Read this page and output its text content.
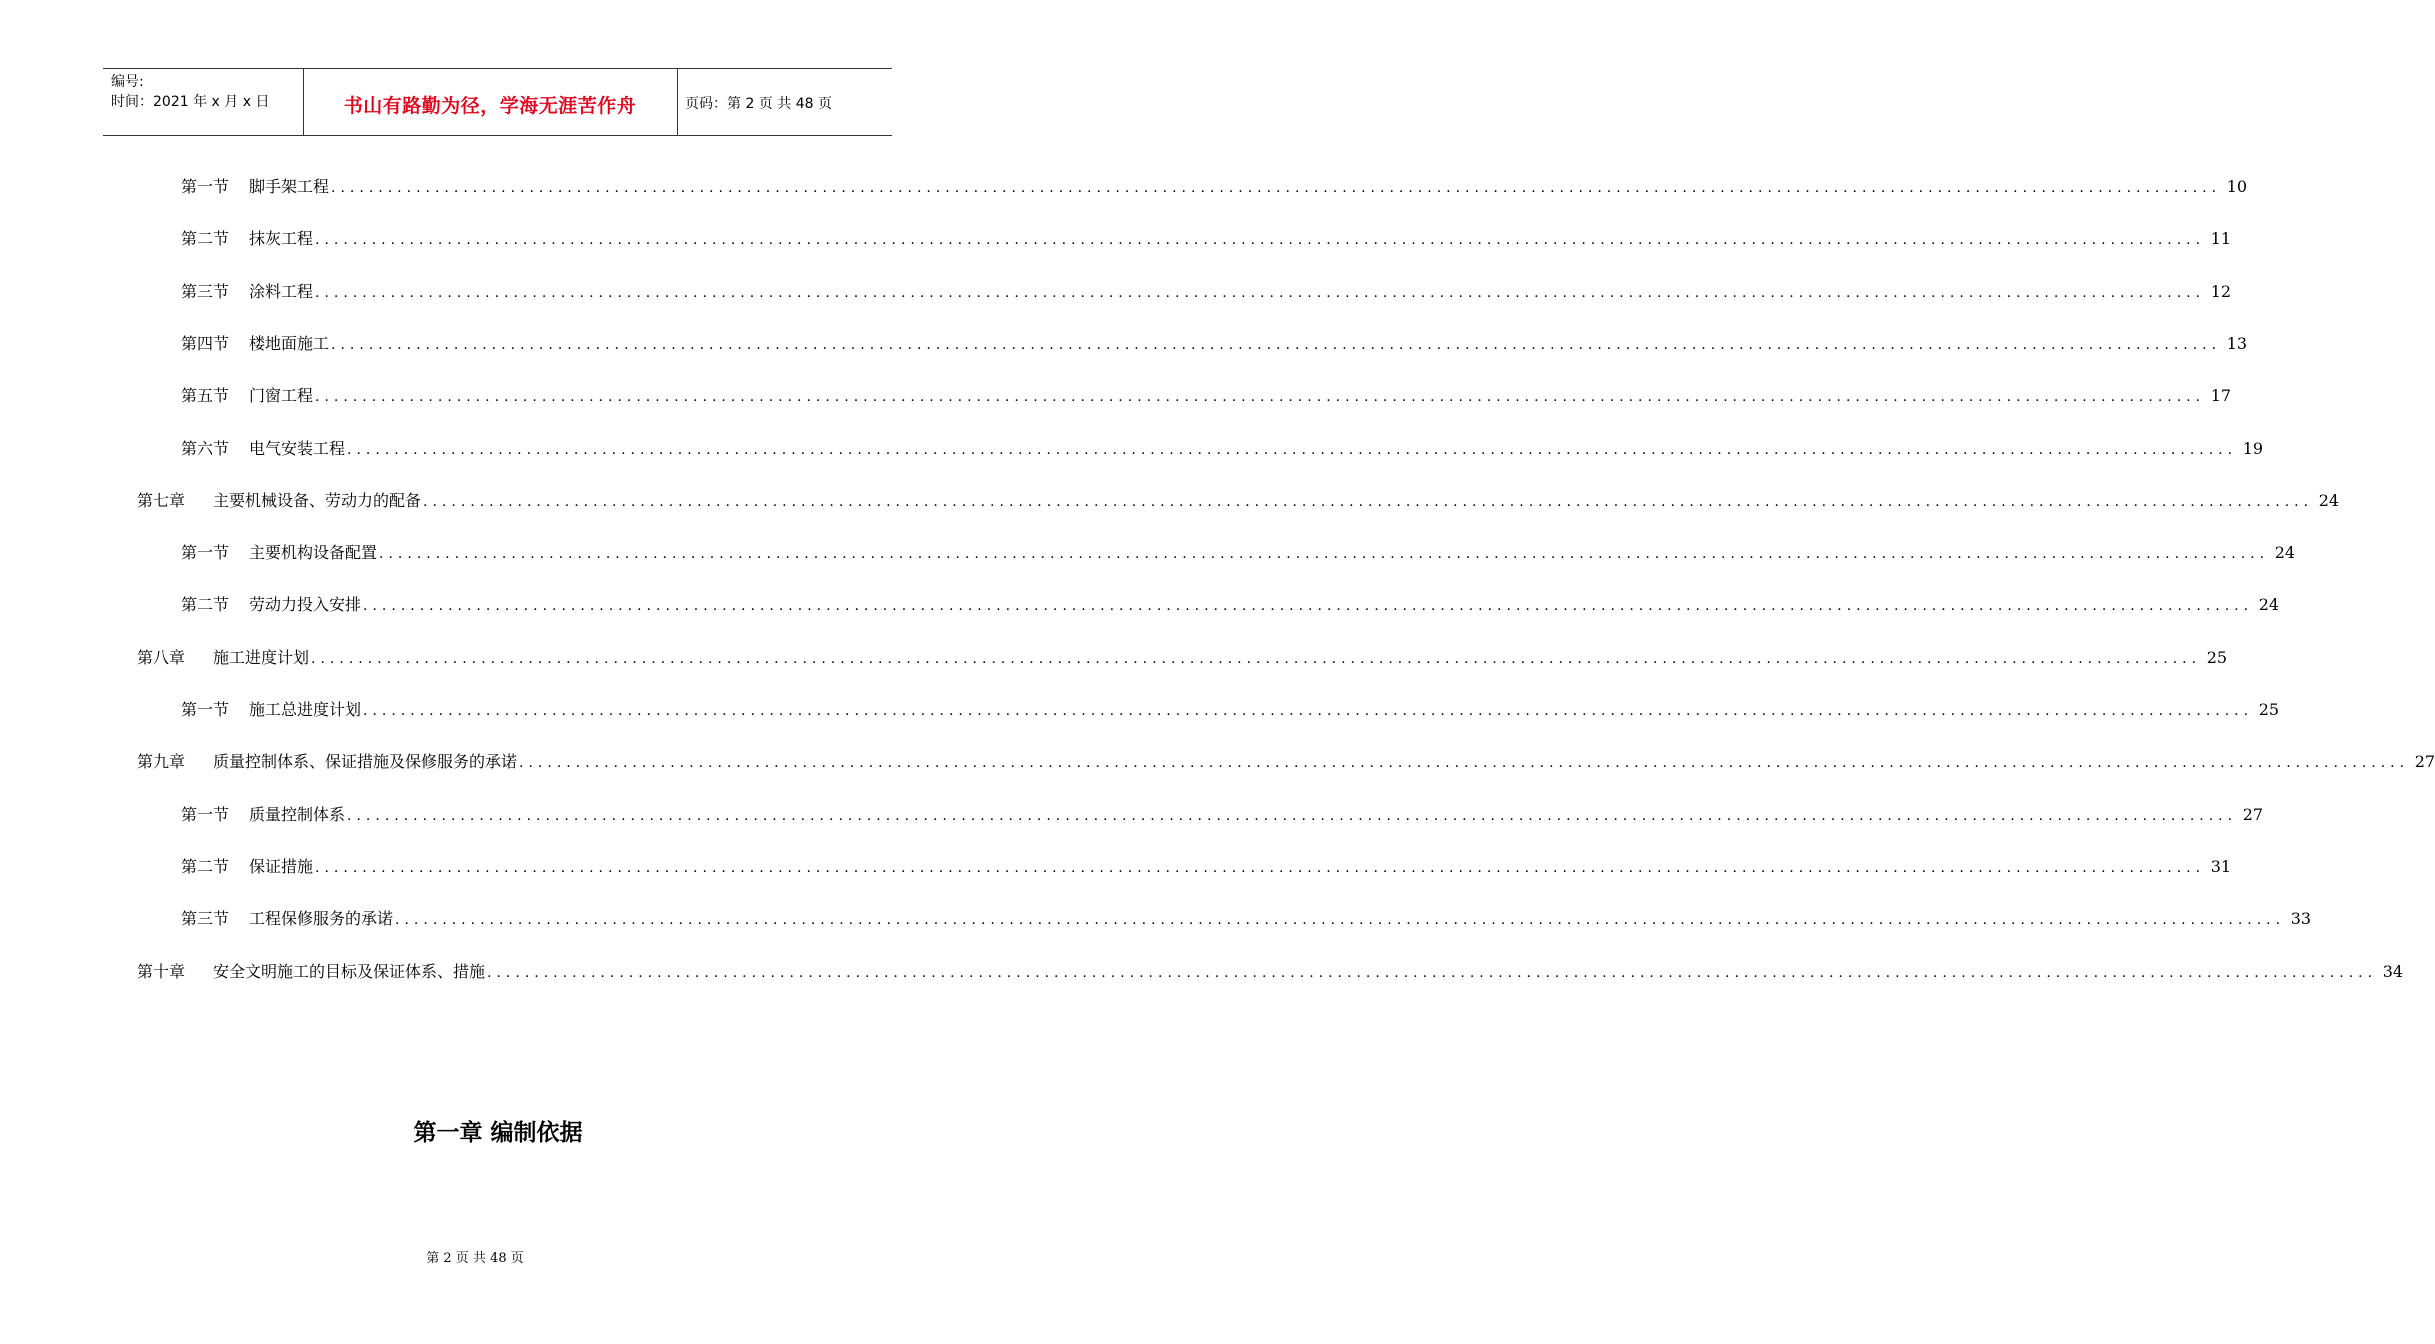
编号:
时间：2021 年 x 月 x 日	书山有路勤为径，学海无涯苦作舟	页码：第 2 页 共 48 页
第一节 脚手架工程 ........................................................................................................................................................................................................ 10
第二节 抹灰工程 ........................................................................................................................................................................................................ 11
第三节 涂料工程 ........................................................................................................................................................................................................ 12
第四节 楼地面施工 ........................................................................................................................................................................................................ 13
第五节 门窗工程 ........................................................................................................................................................................................................ 17
第六节 电气安装工程 ........................................................................................................................................................................................................ 19
第七章 主要机械设备、劳动力的配备 ........................................................................................................................................................................................................ 24
第一节 主要机构设备配置 ........................................................................................................................................................................................................ 24
第二节 劳动力投入安排 ........................................................................................................................................................................................................ 24
第八章 施工进度计划 ........................................................................................................................................................................................................ 25
第一节 施工总进度计划 ........................................................................................................................................................................................................ 25
第九章 质量控制体系、保证措施及保修服务的承诺 ........................................................................................................................................................................................................ 27
第一节 质量控制体系 ........................................................................................................................................................................................................ 27
第二节 保证措施 ........................................................................................................................................................................................................ 31
第三节 工程保修服务的承诺 ........................................................................................................................................................................................................ 33
第十章 安全文明施工的目标及保证体系、措施 ........................................................................................................................................................................................................ 34
第一章 编制依据
第 2 页 共 48 页
